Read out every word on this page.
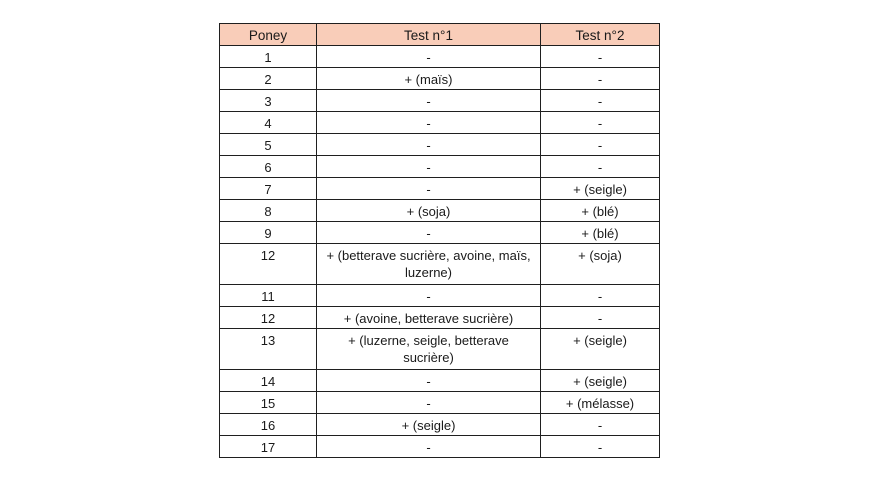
Poney	Test n°1	Test n°2
1	-	-
2	+ (maïs)	-
3	-	-
4	-	-
5	-	-
6	-	-
7	-	+ (seigle)
8	+ (soja)	+ (blé)
9	-	+ (blé)
12	+ (betterave sucrière, avoine, maïs, luzerne)	+ (soja)
11	-	-
12	+ (avoine, betterave sucrière)	-
13	+ (luzerne, seigle, betterave sucrière)	+ (seigle)
14	-	+ (seigle)
15	-	+ (mélasse)
16	+ (seigle)	-
17	-	-
